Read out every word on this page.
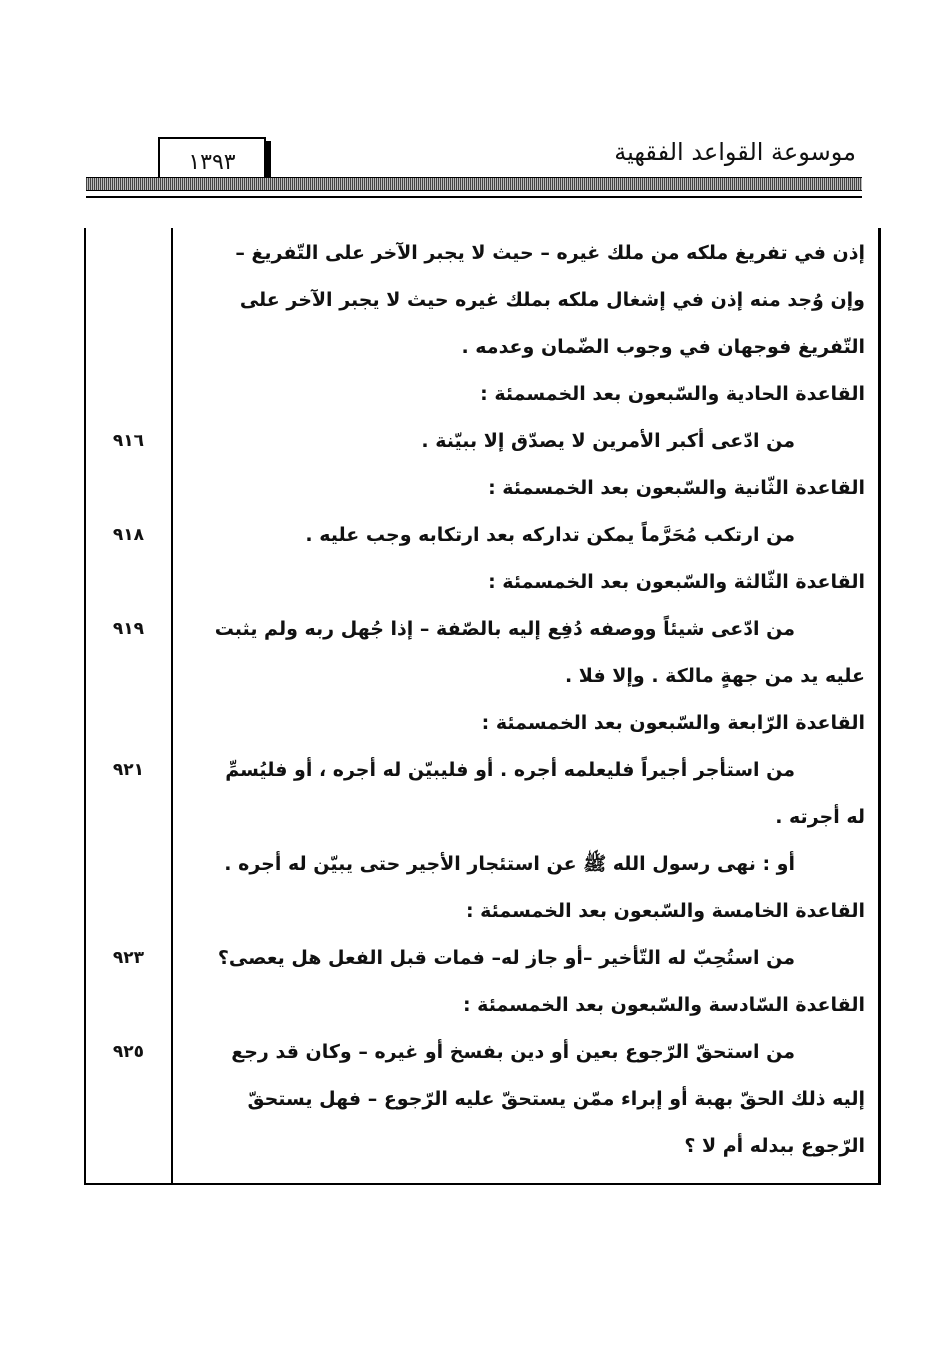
موسوعة القواعد الفقهية
١٣٩٣
إذن في تفريغ ملكه من ملك غيره – حيث لا يجبر الآخر على التّفريغ –
وإن وُجد منه إذن في إشغال ملكه بملك غيره حيث لا يجبر الآخر على
التّفريغ فوجهان في وجوب الضّمان وعدمه .
القاعدة الحادية والسّبعون بعد الخمسمئة :
من ادّعى أكبر الأمرين لا يصدّق إلا ببيّنة .
القاعدة الثّانية والسّبعون بعد الخمسمئة :
من ارتكب مُحَرَّماً يمكن تداركه بعد ارتكابه وجب عليه .
القاعدة الثّالثة والسّبعون بعد الخمسمئة :
من ادّعى شيئاً ووصفه دُفِع إليه بالصّفة – إذا جُهل ربه ولم يثبت
عليه يد من جهةٍ مالكة . وإلا فلا .
القاعدة الرّابعة والسّبعون بعد الخمسمئة :
من استأجر أجيراً فليعلمه أجره . أو فليبيّن له أجره ، أو فليُسمِّ
له أجرته .
أو : نهى رسول الله ﷺ عن استئجار الأجير حتى يبيّن له أجره .
القاعدة الخامسة والسّبعون بعد الخمسمئة :
من استُحِبّ له التّأخير –أو جاز له– فمات قبل الفعل هل يعصى؟
القاعدة السّادسة والسّبعون بعد الخمسمئة :
من استحقّ الرّجوع بعين أو دين بفسخ أو غيره – وكان قد رجع
إليه ذلك الحقّ بهبة أو إبراء ممّن يستحقّ عليه الرّجوع – فهل يستحقّ
الرّجوع ببدله أم لا ؟
٩١٦
٩١٨
٩١٩
٩٢١
٩٢٣
٩٢٥
